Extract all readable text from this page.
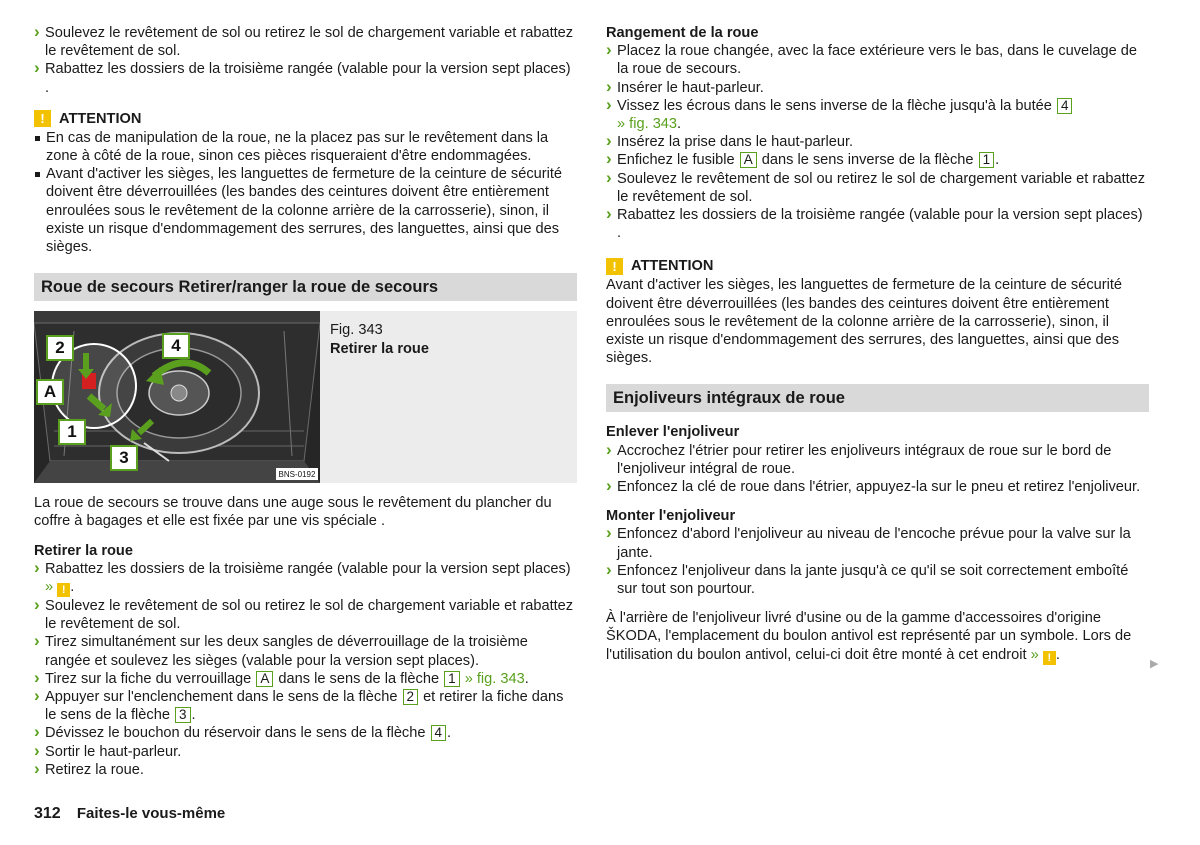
› Soulevez le revêtement de sol ou retirez le sol de chargement variable et rabattez le revêtement de sol.
› Rabattez les dossiers de la troisième rangée (valable pour la version sept places) .
! ATTENTION
En cas de manipulation de la roue, ne la placez pas sur le revêtement dans la zone à côté de la roue, sinon ces pièces risqueraient d'être endommagées.
Avant d'activer les sièges, les languettes de fermeture de la ceinture de sécurité doivent être déverrouillées (les bandes des ceintures doivent être entièrement enroulées sous le revêtement de la colonne arrière de la carrosserie), sinon, il existe un risque d'endommagement des serrures, des languettes, ainsi que des sièges.
Roue de secours Retirer/ranger la roue de secours
BNS-0192
2
A
1
4
3
Fig. 343
Retirer la roue
La roue de secours se trouve dans une auge sous le revêtement du plancher du coffre à bagages et elle est fixée par une vis spéciale .
Retirer la roue
› Rabattez les dossiers de la troisième rangée (valable pour la version sept places) » ! .
› Soulevez le revêtement de sol ou retirez le sol de chargement variable et rabattez le revêtement de sol.
› Tirez simultanément sur les deux sangles de déverrouillage de la troisième rangée et soulevez les sièges (valable pour la version sept places).
› Tirez sur la fiche du verrouillage A dans le sens de la flèche 1 » fig. 343.
› Appuyer sur l'enclenchement dans le sens de la flèche 2 et retirer la fiche dans le sens de la flèche 3 .
› Dévissez le bouchon du réservoir dans le sens de la flèche 4 .
› Sortir le haut-parleur.
› Retirez la roue.
Rangement de la roue
› Placez la roue changée, avec la face extérieure vers le bas, dans le cuvelage de la roue de secours.
› Insérer le haut-parleur.
› Vissez les écrous dans le sens inverse de la flèche jusqu'à la butée 4
» fig. 343.
› Insérez la prise dans le haut-parleur.
› Enfichez le fusible A dans le sens inverse de la flèche 1 .
› Soulevez le revêtement de sol ou retirez le sol de chargement variable et rabattez le revêtement de sol.
› Rabattez les dossiers de la troisième rangée (valable pour la version sept places) .
! ATTENTION
Avant d'activer les sièges, les languettes de fermeture de la ceinture de sécurité doivent être déverrouillées (les bandes des ceintures doivent être entièrement enroulées sous le revêtement de la colonne arrière de la carrosserie), sinon, il existe un risque d'endommagement des serrures, des languettes, ainsi que des sièges.
Enjoliveurs intégraux de roue
Enlever l'enjoliveur
› Accrochez l'étrier pour retirer les enjoliveurs intégraux de roue sur le bord de l'enjoliveur intégral de roue.
› Enfoncez la clé de roue dans l'étrier, appuyez-la sur le pneu et retirez l'enjoliveur.
Monter l'enjoliveur
› Enfoncez d'abord l'enjoliveur au niveau de l'encoche prévue pour la valve sur la jante.
› Enfoncez l'enjoliveur dans la jante jusqu'à ce qu'il se soit correctement emboîté sur tout son pourtour.
À l'arrière de l'enjoliveur livré d'usine ou de la gamme d'accessoires d'origine ŠKODA, l'emplacement du boulon antivol est représenté par un symbole. Lors de l'utilisation du boulon antivol, celui-ci doit être monté à cet endroit » ! .
▶
312 Faites-le vous-même
